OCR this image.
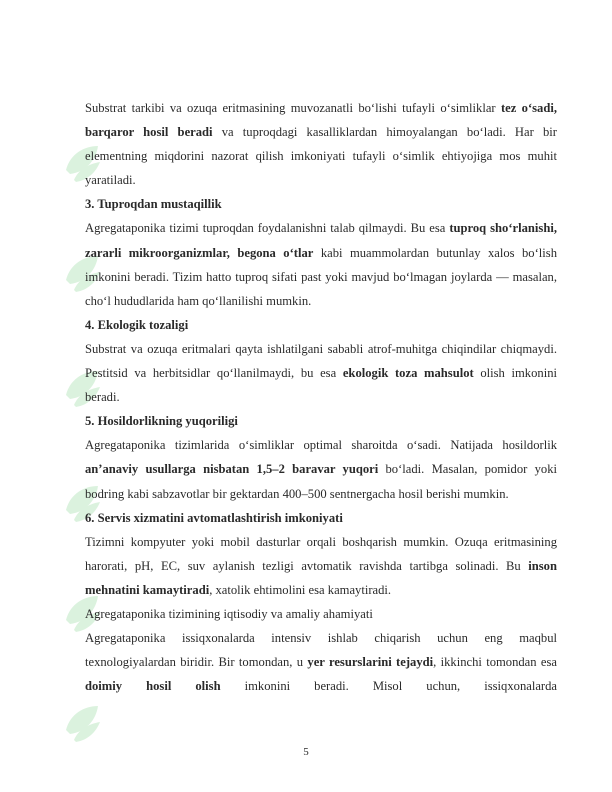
Substrat tarkibi va ozuqa eritmasining muvozanatli bo‘lishi tufayli o‘simliklar tez o‘sadi, barqaror hosil beradi va tuproqdagi kasalliklardan himoyalangan bo‘ladi. Har bir elementning miqdorini nazorat qilish imkoniyati tufayli o‘simlik ehtiyojiga mos muhit yaratiladi.

3. Tuproqdan mustaqillik

Agregataponika tizimi tuproqdan foydalanishni talab qilmaydi. Bu esa tuproq sho‘rlanishi, zararli mikroorganizmlar, begona o‘tlar kabi muammolardan butunlay xalos bo‘lish imkonini beradi. Tizim hatto tuproq sifati past yoki mavjud bo‘lmagan joylarda — masalan, cho‘l hududlarida ham qo‘llanilishi mumkin.

4. Ekologik tozaligi

Substrat va ozuqa eritmalari qayta ishlatilgani sababli atrof-muhitga chiqindilar chiqmaydi. Pestitsid va herbitsidlar qo‘llanilmaydi, bu esa ekologik toza mahsulot olish imkonini beradi.

5. Hosildorlikning yuqoriligi

Agregataponika tizimlarida o‘simliklar optimal sharoitda o‘sadi. Natijada hosildorlik an’anaviy usullarga nisbatan 1,5–2 baravar yuqori bo‘ladi. Masalan, pomidor yoki bodring kabi sabzavotlar bir gektardan 400–500 sentnergacha hosil berishi mumkin.

6. Servis xizmatini avtomatlashtirish imkoniyati

Tizimni kompyuter yoki mobil dasturlar orqali boshqarish mumkin. Ozuqa eritmasining harorati, pH, EC, suv aylanish tezligi avtomatik ravishda tartibga solinadi. Bu inson mehnatini kamaytiradi, xatolik ehtimolini esa kamaytiradi.

Agregataponika tizimining iqtisodiy va amaliy ahamiyati

Agregataponika issiqxonalarda intensiv ishlab chiqarish uchun eng maqbul texnologiyalardan biridir. Bir tomondan, u yer resurslarini tejaydi, ikkinchi tomondan esa doimiy hosil olish imkonini beradi. Misol uchun, issiqxonalarda

5
